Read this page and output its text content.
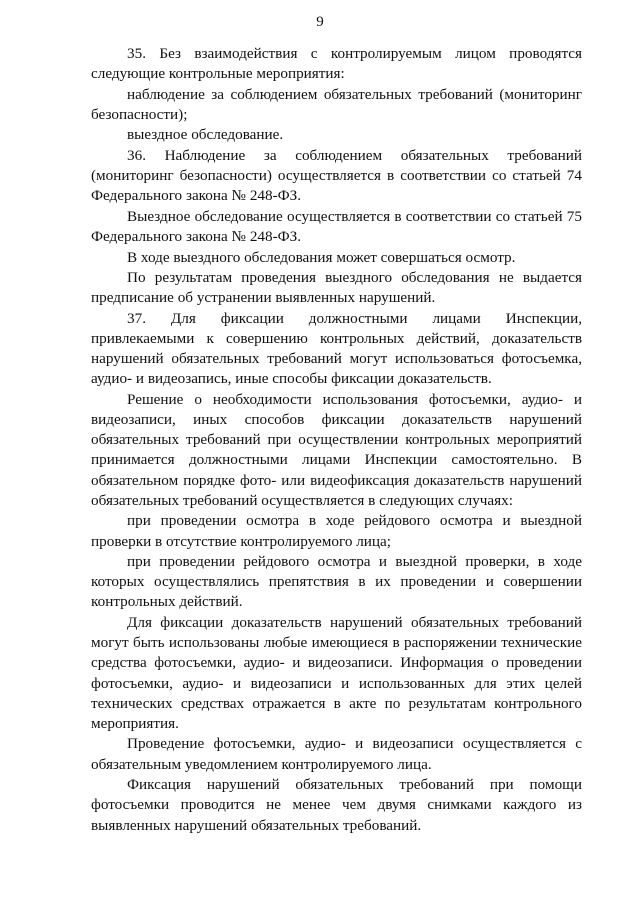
9

35. Без взаимодействия с контролируемым лицом проводятся следующие контрольные мероприятия:

наблюдение за соблюдением обязательных требований (мониторинг безопасности);

выездное обследование.

36. Наблюдение за соблюдением обязательных требований (мониторинг безопасности) осуществляется в соответствии со статьей 74 Федерального закона № 248-ФЗ.

Выездное обследование осуществляется в соответствии со статьей 75 Федерального закона № 248-ФЗ.

В ходе выездного обследования может совершаться осмотр.

По результатам проведения выездного обследования не выдается предписание об устранении выявленных нарушений.

37. Для фиксации должностными лицами Инспекции, привлекаемыми к совершению контрольных действий, доказательств нарушений обязательных требований могут использоваться фотосъемка, аудио- и видеозапись, иные способы фиксации доказательств.

Решение о необходимости использования фотосъемки, аудио- и видеозаписи, иных способов фиксации доказательств нарушений обязательных требований при осуществлении контрольных мероприятий принимается должностными лицами Инспекции самостоятельно. В обязательном порядке фото- или видеофиксация доказательств нарушений обязательных требований осуществляется в следующих случаях:

при проведении осмотра в ходе рейдового осмотра и выездной проверки в отсутствие контролируемого лица;

при проведении рейдового осмотра и выездной проверки, в ходе которых осуществлялись препятствия в их проведении и совершении контрольных действий.

Для фиксации доказательств нарушений обязательных требований могут быть использованы любые имеющиеся в распоряжении технические средства фотосъемки, аудио- и видеозаписи. Информация о проведении фотосъемки, аудио- и видеозаписи и использованных для этих целей технических средствах отражается в акте по результатам контрольного мероприятия.

Проведение фотосъемки, аудио- и видеозаписи осуществляется с обязательным уведомлением контролируемого лица.

Фиксация нарушений обязательных требований при помощи фотосъемки проводится не менее чем двумя снимками каждого из выявленных нарушений обязательных требований.
